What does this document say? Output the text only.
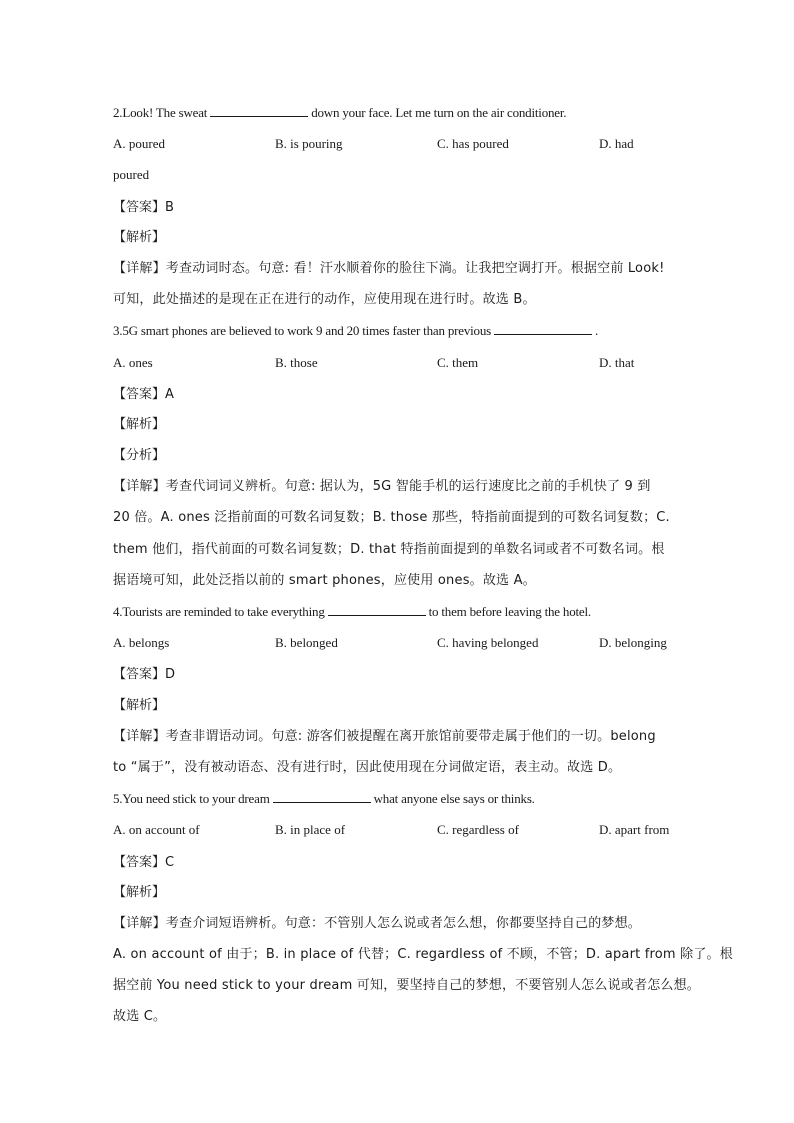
2.Look! The sweat	down your face. Let me turn on the air conditioner.
A. poured	B. is pouring	C. has poured	D. had
poured
【答案】B
【解析】
【详解】考查动词时态。句意: 看！汗水顺着你的脸往下淌。让我把空调打开。根据空前 Look!
可知，此处描述的是现在正在进行的动作，应使用现在进行时。故选 B。
3.5G smart phones are believed to work 9 and 20 times faster than previous	.
A. ones	B. those	C. them	D. that
【答案】A
【解析】
【分析】
【详解】考查代词词义辨析。句意: 据认为，5G 智能手机的运行速度比之前的手机快了 9 到
20 倍。A. ones 泛指前面的可数名词复数；B. those 那些，特指前面提到的可数名词复数；C.
them 他们，指代前面的可数名词复数；D. that 特指前面提到的单数名词或者不可数名词。根
据语境可知，此处泛指以前的 smart phones，应使用 ones。故选 A。
4.Tourists are reminded to take everything	to them before leaving the hotel.
A. belongs	B. belonged	C. having belonged	D. belonging
【答案】D
【解析】
【详解】考查非谓语动词。句意: 游客们被提醒在离开旅馆前要带走属于他们的一切。belong
to “属于”，没有被动语态、没有进行时，因此使用现在分词做定语，表主动。故选 D。
5.You need stick to your dream	what anyone else says or thinks.
A. on account of	B. in place of	C. regardless of	D. apart from
【答案】C
【解析】
【详解】考查介词短语辨析。句意：不管别人怎么说或者怎么想，你都要坚持自己的梦想。
A. on account of 由于；B. in place of 代替；C. regardless of 不顾，不管；D. apart from 除了。根
据空前 You need stick to your dream 可知，要坚持自己的梦想，不要管别人怎么说或者怎么想。
故选 C。
